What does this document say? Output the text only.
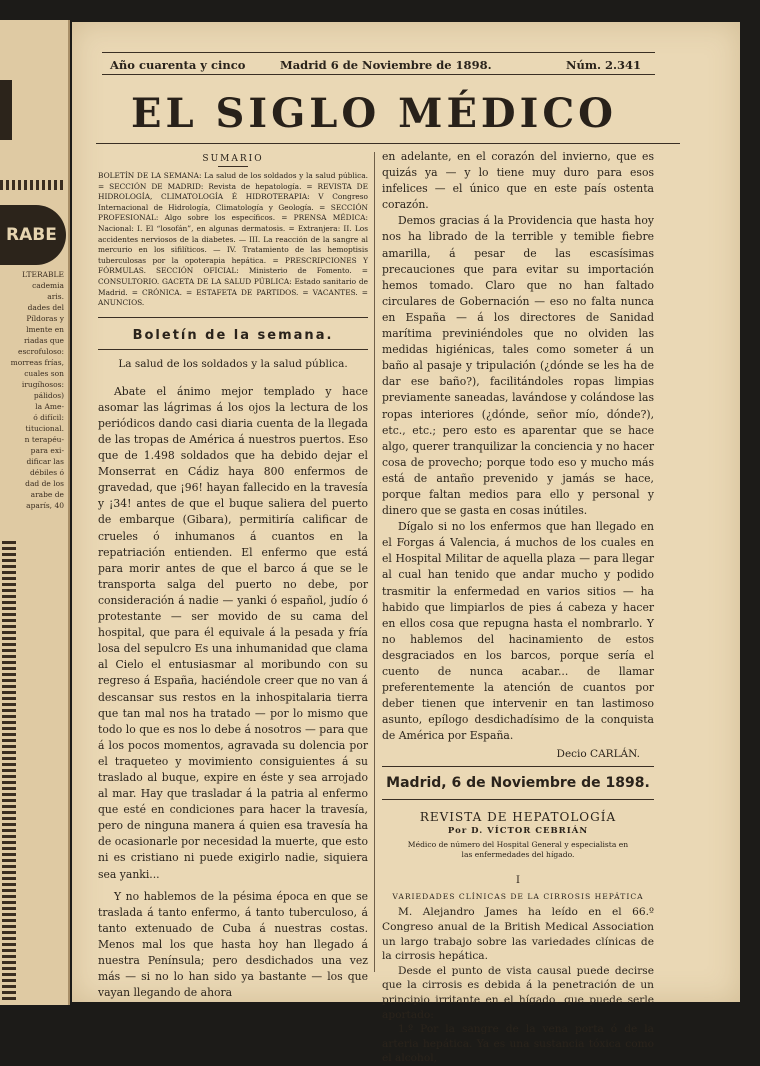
RABE
LTERABLE
cademia
aris.
dades del
Píldoras y
lmente en
riadas que
escrofuloso:
morreas frías,
cuales son
irugíhosos:
pálidos)
la Ame-
ó difícil:
titucional.
n terapéu-
para exi-
dificar las
débiles ó
dad de los
arabe de
aparís, 40
Año cuarenta y cinco	Madrid 6 de Noviembre de 1898.	Núm. 2.341
EL SIGLO MÉDICO
SUMARIO

BOLETÍN DE LA SEMANA: La salud de los soldados y la salud pública. = SECCIÓN DE MADRID: Revista de hepatología. = REVISTA DE HIDROLOGÍA, CLIMATOLOGÍA É HIDROTERAPIA: V Congreso Internacional de Hidrología, Climatología y Geología. = SECCIÓN PROFESIONAL: Algo sobre los específicos. = PRENSA MÉDICA: Nacional: I. El “losofán”, en algunas dermatosis. = Extranjera: II. Los accidentes nerviosos de la diabetes. — III. La reacción de la sangre al mercurio en los sifilíticos. — IV. Tratamiento de las hemoptisis tuberculosas por la opoterapia hepática. = PRESCRIPCIONES Y FÓRMULAS. SECCIÓN OFICIAL: Ministerio de Fomento. = CONSULTORIO. GACETA DE LA SALUD PÚBLICA: Estado sanitario de Madrid. = CRÓNICA. = ESTAFETA DE PARTIDOS. = VACANTES. = ANUNCIOS.

Boletín de la semana.
La salud de los soldados y la salud pública.

Abate el ánimo mejor templado y hace asomar las lágrimas á los ojos la lectura de los periódicos dando casi diaria cuenta de la llegada de las tropas de América á nuestros puertos. Eso que de 1.498 soldados que ha debido dejar el Monserrat en Cádiz haya 800 enfermos de gravedad, que ¡96! hayan fallecido en la travesía y ¡34! antes de que el buque saliera del puerto de embarque (Gibara), permitiría calificar de crueles ó inhumanos á cuantos en la repatriación entienden. El enfermo que está para morir antes de que el barco á que se le transporta salga del puerto no debe, por consideración á nadie — yanki ó español, judío ó protestante — ser movido de su cama del hospital, que para él equivale á la pesada y fría losa del sepulcro Es una inhumanidad que clama al Cielo el entusiasmar al moribundo con su regreso á España, haciéndole creer que no van á descansar sus restos en la inhospitalaria tierra que tan mal nos ha tratado — por lo mismo que todo lo que es nos lo debe á nosotros — para que á los pocos momentos, agravada su dolencia por el traqueteo y movimiento consiguientes á su traslado al buque, expire en éste y sea arrojado al mar. Hay que trasladar á la patria al enfermo que esté en condiciones para hacer la travesía, pero de ninguna manera á quien esa travesía ha de ocasionarle por necesidad la muerte, que esto ni es cristiano ni puede exigirlo nadie, siquiera sea yanki...

Y no hablemos de la pésima época en que se traslada á tanto enfermo, á tanto tuberculoso, á tanto extenuado de Cuba á nuestras costas. Menos mal los que hasta hoy han llegado á nuestra Península; pero desdichados una vez más — si no lo han sido ya bastante — los que vayan llegando de ahora

en adelante, en el corazón del invierno, que es quizás ya — y lo tiene muy duro para esos infelices — el único que en este país ostenta corazón.

Demos gracias á la Providencia que hasta hoy nos ha librado de la terrible y temible fiebre amarilla, á pesar de las escasísimas precauciones que para evitar su importación hemos tomado. Claro que no han faltado circulares de Gobernación — eso no falta nunca en España — á los directores de Sanidad marítima previniéndoles que no olviden las medidas higiénicas, tales como someter á un baño al pasaje y tripulación (¿dónde se les ha de dar ese baño?), facilitándoles ropas limpias previamente saneadas, lavándose y colándose las ropas interiores (¿dónde, señor mío, dónde?), etc., etc.; pero esto es aparentar que se hace algo, querer tranquilizar la conciencia y no hacer cosa de provecho; porque todo eso y mucho más está de antaño prevenido y jamás se hace, porque faltan medios para ello y personal y dinero que se gasta en cosas inútiles.

Dígalo si no los enfermos que han llegado en el Forgas á Valencia, á muchos de los cuales en el Hospital Militar de aquella plaza — para llegar al cual han tenido que andar mucho y podido trasmitir la enfermedad en varios sitios — ha habido que limpiarlos de pies á cabeza y hacer en ellos cosa que repugna hasta el nombrarlo. Y no hablemos del hacinamiento de estos desgraciados en los barcos, porque sería el cuento de nunca acabar... de llamar preferentemente la atención de cuantos por deber tienen que intervenir en tan lastimoso asunto, epílogo desdichadísimo de la conquista de América por España.

Decio CARLÁN.
Madrid, 6 de Noviembre de 1898.
REVISTA DE HEPATOLOGÍA
Por D. VÍCTOR CEBRIÁN
Médico de número del Hospital General y especialista en las enfermedades del hígado.
I
VARIEDADES CLÍNICAS DE LA CIRROSIS HEPÁTICA

M. Alejandro James ha leído en el 66.º Congreso anual de la British Medical Association un largo trabajo sobre las variedades clínicas de la cirrosis hepática.

Desde el punto de vista causal puede decirse que la cirrosis es debida á la penetración de un principio irritante en el hígado, que puede serle aportado:

1.º Por la sangre de la vena porta ó de la arteria hepática. Ya es una sustancia tóxica como el alcohol,
